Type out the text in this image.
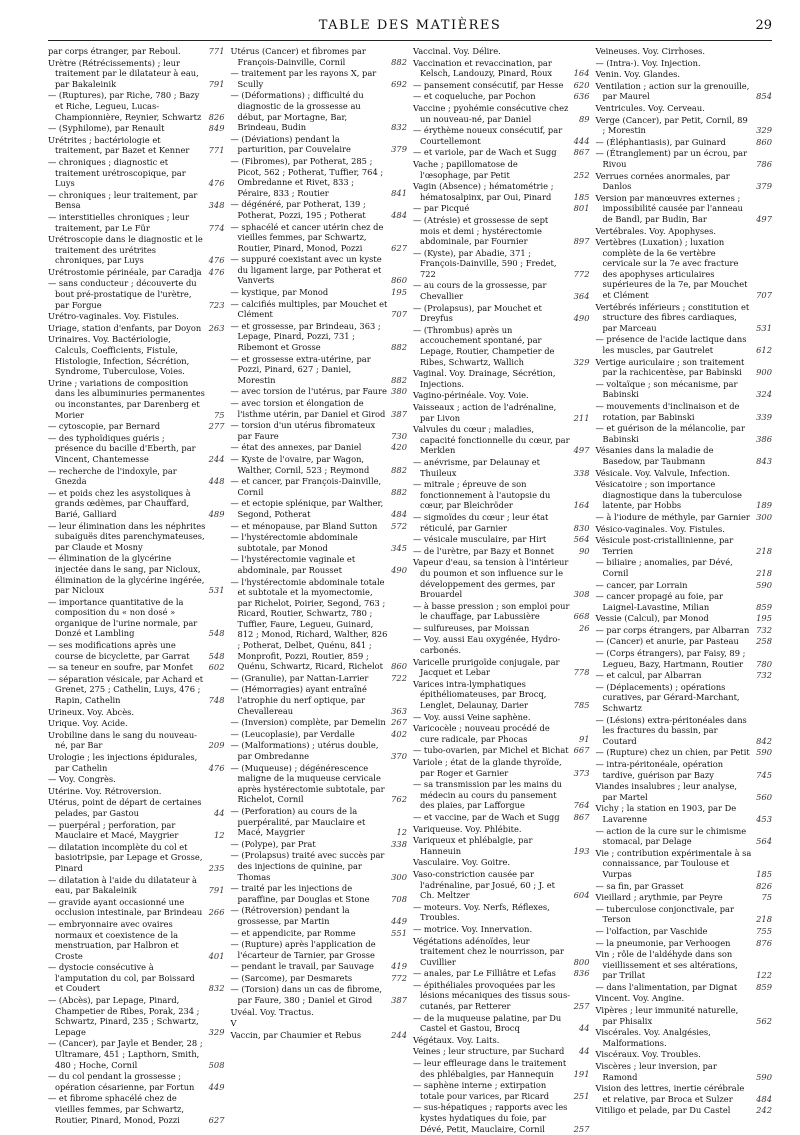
TABLE DES MATIÈRES	29
par corps étranger, par Reboul.	771
Urètre (Rétrécissements) ; leur traitement par le dilatateur à eau, par Bakaleinik	791
— (Ruptures), par Riche, 780 ; Bazy et Riche, Legueu, Lucas-Championnière, Reynier, Schwartz 826
— (Syphilome), par Renault	849
Urétrites ; bactériologie et traitement, par Bazet et Kenner	771
— chroniques ; diagnostic et traitement urétroscopique, par Luys	476
— chroniques ; leur traitement, par Bensa	348
— interstitielles chroniques ; leur traitement, par Le Für	774
Urétroscopie dans le diagnostic et le traitement des urétrites chroniques, par Luys	476
Urétrostomie périnéale, par Caradja 476
— sans conducteur ; découverte du bout pré-prostatique de l'urètre, par Forgue	723
Urétro-vaginales. Voy. Fistules.
Uriage, station d'enfants, par Doyon 263
Urinaires. Voy. Bactériologie, Calculs, Coefficients, Fistule, Histologie, Infection, Sécrétion, Syndrome, Tuberculose, Voies.
Urine ; variations de composition dans les albuminuries permanentes ou inconstantes, par Darenberg et Morier	75
— cytoscopie, par Bernard	277
— des typhoïdiques guéris ; présence du bacille d'Eberth, par Vincent, Chantemesse	244
— recherche de l'indoxyle, par Gnezda	448
— et poids chez les asystoliques à grands œdèmes, par Chauffard, Barié, Galliard	489
— leur élimination dans les néphrites subaiguës dites parenchymateuses, par Claude et Mosny
— élimination de la glycérine injectée dans le sang, par Nicloux, élimination de la glycérine ingérée, par Nicloux	531
— importance quantitative de la composition du « non dosé » organique de l'urine normale, par Donzé et Lambling	548
— ses modifications après une course de bicyclette, par Garrat	548
— sa teneur en soufre, par Monfet	602
— séparation vésicale, par Achard et Grenet, 275 ; Cathelin, Luys, 476 ; Rapin, Cathelin	748
Urineux. Voy. Abcès.
Urique. Voy. Acide.
Urobiline dans le sang du nouveau-né, par Bar	209
Urologie ; les injections épidurales, par Cathelin	476
— Voy. Congrès.
Utérine. Voy. Rétroversion.
Utérus, point de départ de certaines pelades, par Gastou	44
— puerpéral ; perforation, par Mauclaire et Macé, Maygrier	12
— dilatation incomplète du col et basiotripsie, par Lepage et Grosse, Pinard	235
— dilatation à l'aide du dilatateur à eau, par Bakaleinik	791
— gravide ayant occasionné une occlusion intestinale, par Brindeau 266
— embryonnaire avec ovaires normaux et coexistence de la menstruation, par Halbron et Croste	401
— dystocie consécutive à l'amputation du col, par Boissard et Coudert	832
— (Abcès), par Lepage, Pinard, Champetier de Ribes, Porak, 234 ; Schwartz, Pinard, 235 ; Schwartz, Lepage	329
— (Cancer), par Jayle et Bender, 28 ; Ultramare, 451 ; Lapthorn, Smith, 480 ; Hoche, Cornil	508
— du col pendant la grossesse ; opération césarienne, par Fortun	449
— et fibrome sphacélé chez de vieilles femmes, par Schwartz, Routier, Pinard, Monod, Pozzi	627
Utérus (Cancer) et fibromes par François-Dainville, Cornil	882
— traitement par les rayons X, par Scully	692
— (Déformations) ; difficulté du diagnostic de la grossesse au début, par Mortagne, Bar, Brindeau, Budin	832
— (Déviations) pendant la parturition, par Couvelaire	379
— (Fibromes), par Potherat, 285 ; Picot, 562 ; Potherat, Tuffier, 764 ; Ombredanne et Rivet, 833 ; Péraire, 833 ; Routier	841
— dégénéré, par Potherat, 139 ; Potherat, Pozzi, 195 ; Potherat	484
— sphacélé et cancer utérin chez de vieilles femmes, par Schwartz, Routier, Pinard, Monod, Pozzi	627
— suppuré coexistant avec un kyste du ligament large, par Potherat et Vanverts	860
— kystique, par Monod	195
— calcifiés multiples, par Mouchet et Clément	707
— et grossesse, par Brindeau, 363 ; Lepage, Pinard, Pozzi, 731 ; Ribemont et Grosse	882
— et grossesse extra-utérine, par Pozzi, Pinard, 627 ; Daniel, Morestin	882
— avec torsion de l'utérus, par Faure 380
— avec torsion et élongation de l'isthme utérin, par Daniel et Girod 387
— torsion d'un utérus fibromateux par Faure	730
— état des annexes, par Daniel	420
— Kyste de l'ovaire, par Wagon, Walther, Cornil, 523 ; Reymond	882
— et cancer, par François-Dainville, Cornil	882
— et ectopie splénique, par Walther, Segond, Potherat	484
— et ménopause, par Bland Sutton	572
— l'hystérectomie abdominale subtotale, par Monod	345
— l'hystérectomie vaginale et abdominale, par Rousset	490
— l'hystérectomie abdominale totale et subtotale et la myomectomie, par Richelot, Poirier, Segond, 763 ; Ricard, Routier, Schwartz, 780 ; Tuffier, Faure, Legueu, Guinard, 812 ; Monod, Richard, Walther, 826 ; Potherat, Delbet, Quénu, 841 ; Monprofit, Pozzi, Routier, 859 ; Quénu, Schwartz, Ricard, Richelot 860
— (Granulie), par Nattan-Larrier	722
— (Hémorragies) ayant entraîné l'atrophie du nerf optique, par Chevallereau	363
— (Inversion) complète, par Demelin 267
— (Leucoplasie), par Verdalle	402
— (Malformations) ; utérus double, par Ombredanne	370
— (Muqueuse) ; dégénérescence maligne de la muqueuse cervicale après hystérectomie subtotale, par Richelot, Cornil	762
— (Perforation) au cours de la puerpéralité, par Mauclaire et Macé, Maygrier	12
— (Polype), par Prat	338
— (Prolapsus) traité avec succès par des injections de quinine, par Thomas	300
— traité par les injections de paraffine, par Douglas et Stone	708
— (Rétroversion) pendant la grossesse, par Martin	449
— et appendicite, par Romme	551
— (Rupture) après l'application de l'écarteur de Tarnier, par Grosse
— pendant le travail, par Sauvage	419
— (Sarcome), par Desmarets	772
— (Torsion) dans un cas de fibrome, par Faure, 380 ; Daniel et Girod	387
Uvéal. Voy. Tractus.
V
Vaccin, par Chaumier et Rebus	244
Vaccinal. Voy. Délire.
Vaccination et revaccination, par Kelsch, Landouzy, Pinard, Roux	164
— pansement consécutif, par Hesse	620
— et coqueluche, par Pochon	636
Vaccine ; pyohémie consécutive chez un nouveau-né, par Daniel	89
— érythème noueux consécutif, par Courtellemont	444
— et variole, par de Wach et Sugg	867
Vache ; papillomatose de l'œsophage, par Petit	252
Vagin (Absence) ; hématométrie ; hématosalpinx, par Oui, Pinard	185
— par Picqué	801
— (Atrésie) et grossesse de sept mois et demi ; hystérectomie abdominale, par Fournier	897
— (Kyste), par Abadie, 371 ; François-Dainville, 590 ; Fredet, 722	772
— au cours de la grossesse, par Chevallier	364
— (Prolapsus), par Mouchet et Dreyfus	490
— (Thrombus) après un accouchement spontané, par Lepage, Routier, Champetier de Ribes, Schwartz, Wallich	329
Vaginal. Voy. Drainage, Sécrétion, Injections.
Vagino-périnéale. Voy. Voie.
Vaisseaux ; action de l'adrénaline, par Livon	211
Valvules du cœur ; maladies, capacité fonctionnelle du cœur, par Merklen	497
— anévrisme, par Delaunay et Thuileux	338
— mitrale ; épreuve de son fonctionnement à l'autopsie du cœur, par Bleichröder	164
— sigmoïdes du cœur ; leur état réticulé, par Garnier	830
— vésicale musculaire, par Hirt	564
— de l'urètre, par Bazy et Bonnet	90
Vapeur d'eau, sa tension à l'intérieur du poumon et son influence sur le développement des germes, par Brouardel	308
— à basse pression ; son emploi pour le chauffage, par Labussière	668
— sulfureuses, par Moissan	26
— Voy. aussi Eau oxygénée, Hydro-carbonés.
Varicelle prurigoïde conjugale, par Jacquet et Lebar	778
Varices intra-lymphatiques épithéliomateuses, par Brocq, Lenglet, Delaunay, Darier	785
— Voy. aussi Veine saphène.
Varicocèle ; nouveau procédé de cure radicale, par Phocas	91
— tubo-ovarien, par Michel et Bichat 667
Variole ; état de la glande thyroïde, par Roger et Garnier	373
— sa transmission par les mains du médecin au cours du pansement des plaies, par Lafforgue	764
— et vaccine, par de Wach et Sugg	867
Variqueuse. Voy. Phlébite.
Variqueux et phlébalgie, par Hanneuin	193
Vasculaire. Voy. Goitre.
Vaso-constriction causée par l'adrénaline, par Josué, 60 ; J. et Ch. Meltzer	604
— moteurs. Voy. Nerfs, Réflexes, Troubles.
— motrice. Voy. Innervation.
Végétations adénoïdes, leur traitement chez le nourrisson, par Cuvillier	800
— anales, par Le Filliâtre et Lefas	836
— épithéliales provoquées par les lésions mécaniques des tissus sous-cutanés, par Retterer	257
— de la muqueuse palatine, par Du Castel et Gastou, Brocq	44
Végétaux. Voy. Laits.
Veines ; leur structure, par Suchard	44
— leur effleurage dans le traitement des phlébalgies, par Hannequin	191
— saphène interne ; extirpation totale pour varices, par Ricard	251
— sus-hépatiques ; rapports avec les kystes hydatiques du foie, par Dévé, Petit, Mauclaire, Cornil	257
Veineuses. Voy. Cirrhoses.
— (Intra-). Voy. Injection.
Venin. Voy. Glandes.
Ventilation ; action sur la grenouille, par Maurel	854
Ventricules. Voy. Cerveau.
Verge (Cancer), par Petit, Cornil, 89 ; Morestin	329
— (Éléphantiasis), par Guinard	860
— (Étranglement) par un écrou, par Rivou	786
Verrues cornées anormales, par Danlos	379
Version par manœuvres externes ; impossibilité causée par l'anneau de Bandl, par Budin, Bar	497
Vertébrales. Voy. Apophyses.
Vertèbres (Luxation) ; luxation complète de la 6e vertèbre cervicale sur la 7e avec fracture des apophyses articulaires supérieures de la 7e, par Mouchet et Clément	707
Vertébrés inférieurs ; constitution et structure des fibres cardiaques, par Marceau	531
— présence de l'acide lactique dans les muscles, par Gautrelet	612
Vertige auriculaire ; son traitement par la rachicentèse, par Babinski	900
— voltaïque ; son mécanisme, par Babinski	324
— mouvements d'inclinaison et de rotation, par Babinski	339
— et guérison de la mélancolie, par Babinski	386
Vésanies dans la maladie de Basedow, par Taubmann	843
Vésicale. Voy. Valvule, Infection.
Vésicatoire ; son importance diagnostique dans la tuberculose latente, par Hobbs	189
— à l'iodure de méthyle, par Garnier 300
Vésico-vaginales. Voy. Fistules.
Vésicule post-cristallinienne, par Terrien	218
— biliaire ; anomalies, par Dévé, Cornil	218
— cancer, par Lorrain	590
— cancer propagé au foie, par Laignel-Lavastine, Milian	859
Vessie (Calcul), par Monod	195
— par corps étrangers, par Albarran 732
— (Cancer) et anurie, par Pasteau	258
— (Corps étrangers), par Faisy, 89 ; Legueu, Bazy, Hartmann, Routier	780
— et calcul, par Albarran	732
— (Déplacements) ; opérations curatives, par Gérard-Marchant, Schwartz
— (Lésions) extra-péritonéales dans les fractures du bassin, par Coutard	842
— (Rupture) chez un chien, par Petit 590
— intra-péritonéale, opération tardive, guérison par Bazy	745
Viandes insalubres ; leur analyse, par Martel	560
Vichy ; la station en 1903, par De Lavarenne	453
— action de la cure sur le chimisme stomacal, par Delage	564
Vie ; contribution expérimentale à sa connaissance, par Toulouse et Vurpas	185
— sa fin, par Grasset	826
Vieillard ; arythmie, par Peyre	75
— tuberculose conjonctivale, par Terson	218
— l'olfaction, par Vaschide	755
— la pneumonie, par Verhoogen	876
Vin ; rôle de l'aldéhyde dans son vieillissement et ses altérations, par Trillat	122
— dans l'alimentation, par Dignat	859
Vincent. Voy. Angine.
Vipères ; leur immunité naturelle, par Phisalix	562
Viscérales. Voy. Analgésies, Malformations.
Viscéraux. Voy. Troubles.
Viscères ; leur inversion, par Ramond	590
Vision des lettres, inertie cérébrale et relative, par Broca et Sulzer	484
Vitiligo et pelade, par Du Castel	242
